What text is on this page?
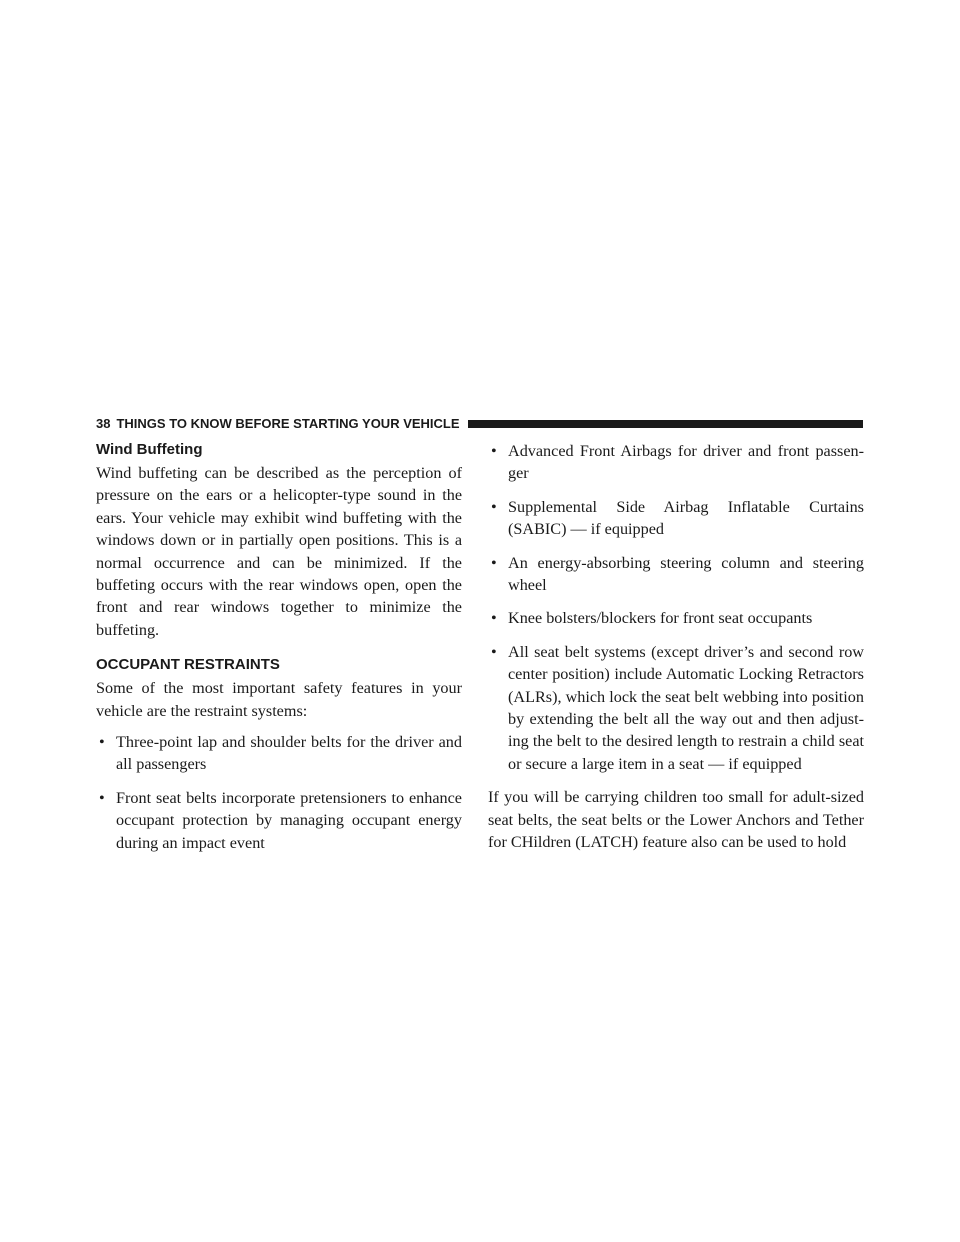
38 THINGS TO KNOW BEFORE STARTING YOUR VEHICLE
Wind Buffeting

Wind buffeting can be described as the perception of pressure on the ears or a helicopter-type sound in the ears. Your vehicle may exhibit wind buffeting with the windows down or in partially open positions. This is a normal occurrence and can be minimized. If the buffeting occurs with the rear windows open, open the front and rear windows together to minimize the buffeting.

OCCUPANT RESTRAINTS

Some of the most important safety features in your vehicle are the restraint systems:

• Three-point lap and shoulder belts for the driver and all passengers
• Front seat belts incorporate pretensioners to enhance occupant protection by managing occupant energy during an impact event
• Advanced Front Airbags for driver and front passen-ger
• Supplemental Side Airbag Inflatable Curtains (SABIC) — if equipped
• An energy-absorbing steering column and steering wheel
• Knee bolsters/blockers for front seat occupants
• All seat belt systems (except driver’s and second row center position) include Automatic Locking Retractors (ALRs), which lock the seat belt webbing into position by extending the belt all the way out and then adjust-ing the belt to the desired length to restrain a child seat or secure a large item in a seat — if equipped

If you will be carrying children too small for adult-sized seat belts, the seat belts or the Lower Anchors and Tether for CHildren (LATCH) feature also can be used to hold
